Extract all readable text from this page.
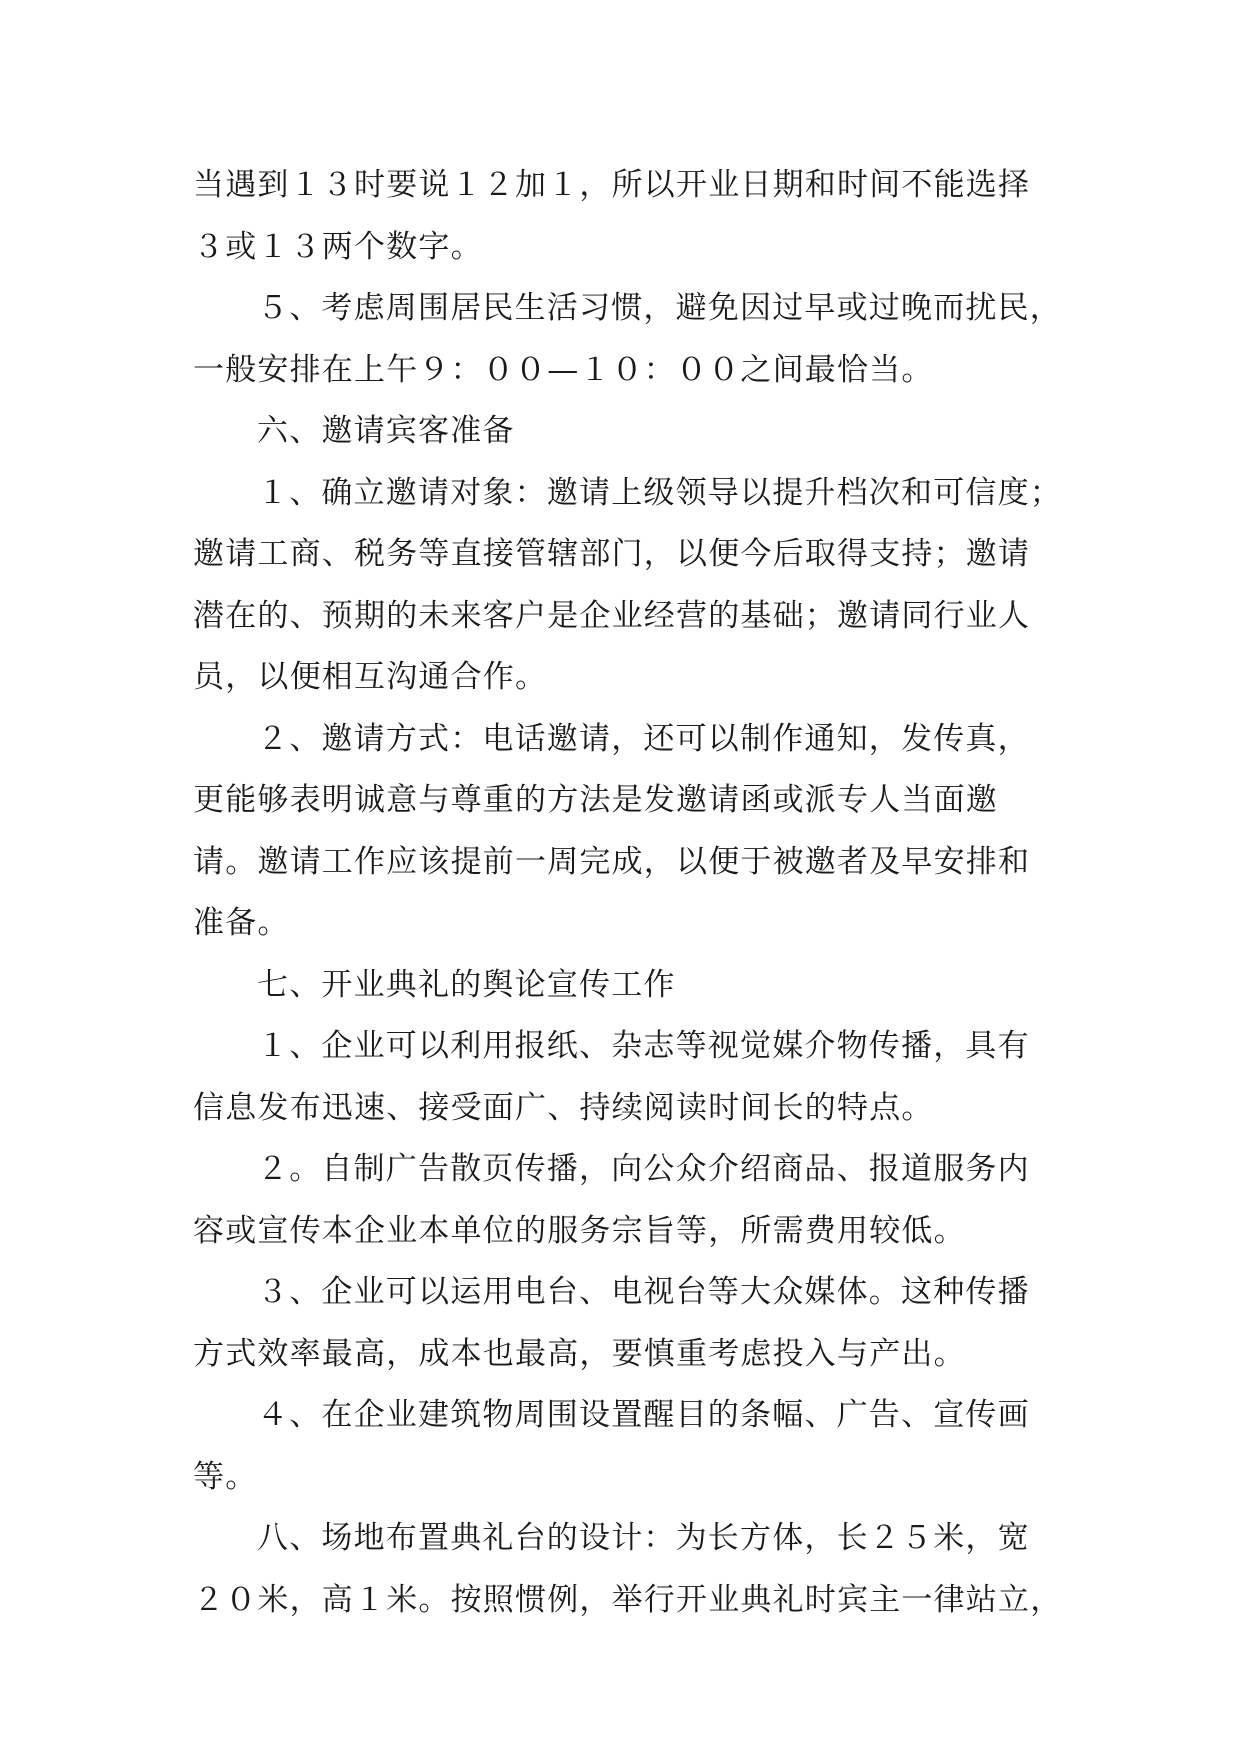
当遇到１３时要说１２加１，所以开业日期和时间不能选择
３或１３两个数字。
５、考虑周围居民生活习惯，避免因过早或过晚而扰民，
一般安排在上午９：００—１０：００之间最恰当。
六、邀请宾客准备
１、确立邀请对象：邀请上级领导以提升档次和可信度；
邀请工商、税务等直接管辖部门，以便今后取得支持；邀请
潜在的、预期的未来客户是企业经营的基础；邀请同行业人
员，以便相互沟通合作。
２、邀请方式：电话邀请，还可以制作通知，发传真，
更能够表明诚意与尊重的方法是发邀请函或派专人当面邀
请。邀请工作应该提前一周完成，以便于被邀者及早安排和
准备。
七、开业典礼的舆论宣传工作
１、企业可以利用报纸、杂志等视觉媒介物传播，具有
信息发布迅速、接受面广、持续阅读时间长的特点。
２。自制广告散页传播，向公众介绍商品、报道服务内
容或宣传本企业本单位的服务宗旨等，所需费用较低。
３、企业可以运用电台、电视台等大众媒体。这种传播
方式效率最高，成本也最高，要慎重考虑投入与产出。
４、在企业建筑物周围设置醒目的条幅、广告、宣传画
等。
八、场地布置典礼台的设计：为长方体，长２５米，宽
２０米，高１米。按照惯例，举行开业典礼时宾主一律站立，
